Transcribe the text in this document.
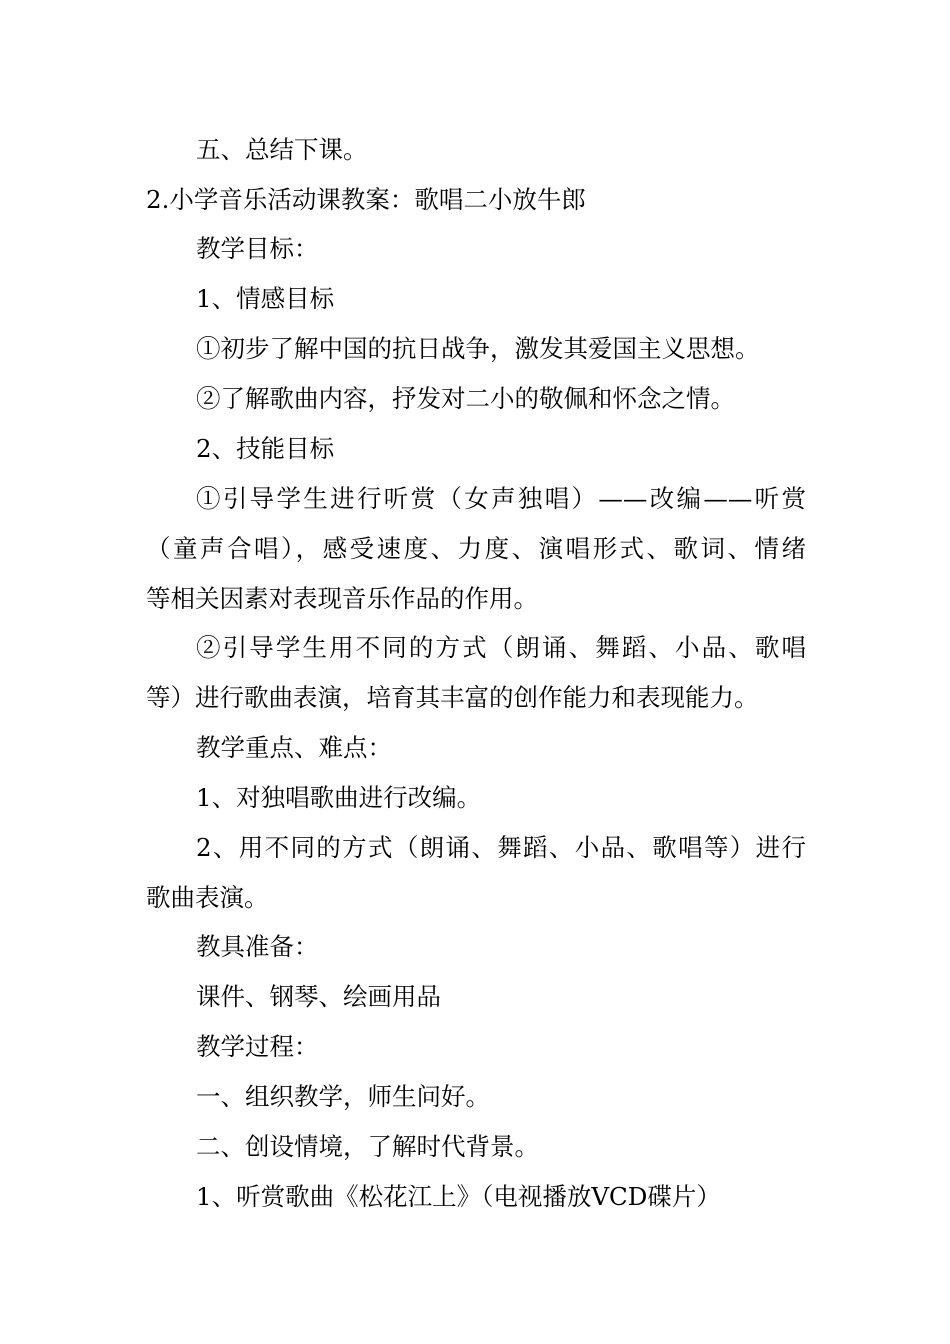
五、总结下课。
2.小学音乐活动课教案：歌唱二小放牛郎
教学目标：
1、情感目标
①初步了解中国的抗日战争，激发其爱国主义思想。
②了解歌曲内容，抒发对二小的敬佩和怀念之情。
2、技能目标
①引导学生进行听赏（女声独唱）——改编——听赏
（童声合唱），感受速度、力度、演唱形式、歌词、情绪
等相关因素对表现音乐作品的作用。
②引导学生用不同的方式（朗诵、舞蹈、小品、歌唱
等）进行歌曲表演，培育其丰富的创作能力和表现能力。
教学重点、难点：
1、对独唱歌曲进行改编。
2、用不同的方式（朗诵、舞蹈、小品、歌唱等）进行
歌曲表演。
教具准备：
课件、钢琴、绘画用品
教学过程：
一、组织教学，师生问好。
二、创设情境，了解时代背景。
1、听赏歌曲《松花江上》（电视播放VCD碟片）
